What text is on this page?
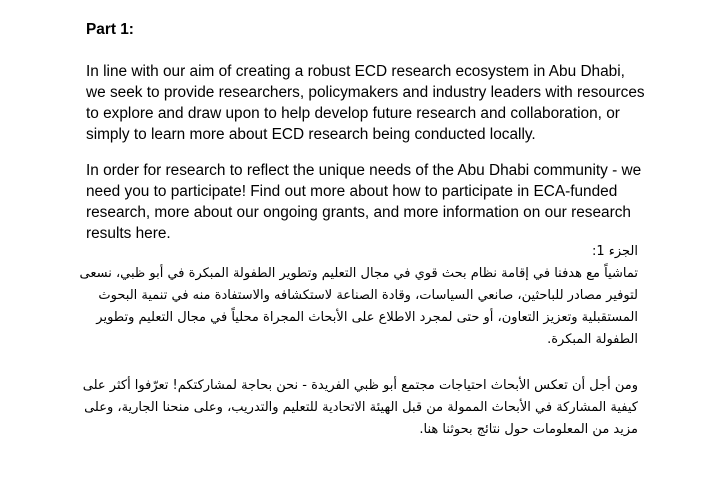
Part 1:

In line with our aim of creating a robust ECD research ecosystem in Abu Dhabi, we seek to provide researchers, policymakers and industry leaders with resources to explore and draw upon to help develop future research and collaboration, or simply to learn more about ECD research being conducted locally.

In order for research to reflect the unique needs of the Abu Dhabi community - we need you to participate! Find out more about how to participate in ECA-funded research, more about our ongoing grants, and more information on our research results here.

الجزء 1:

تماشياً مع هدفنا في إقامة نظام بحث قوي في مجال التعليم وتطوير الطفولة المبكرة في أبو ظبي، نسعى لتوفير مصادر للباحثين، صانعي السياسات، وقادة الصناعة لاستكشافه والاستفادة منه في تنمية البحوث المستقبلية وتعزيز التعاون، أو حتى لمجرد الاطلاع على الأبحاث المجراة محلياً في مجال التعليم وتطوير الطفولة المبكرة.

ومن أجل أن تعكس الأبحاث احتياجات مجتمع أبو ظبي الفريدة - نحن بحاجة لمشاركتكم! تعرّفوا أكثر على كيفية المشاركة في الأبحاث الممولة من قبل الهيئة الاتحادية للتعليم والتدريب، وعلى منحنا الجارية، وعلى مزيد من المعلومات حول نتائج بحوثنا هنا.
